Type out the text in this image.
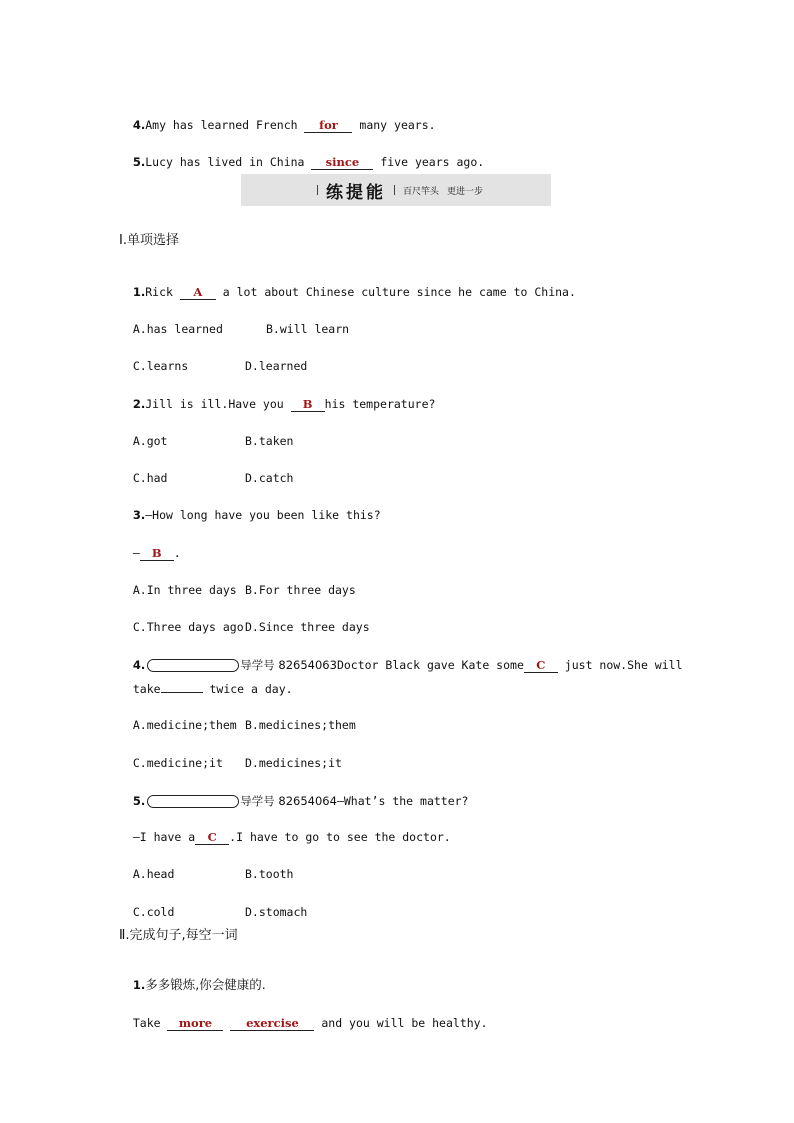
4.Amy has learned French for many years.

5.Lucy has lived in China since five years ago.

练提能 百尺竿头 更进一步
Ⅰ.单项选择

1.Rick A a lot about Chinese culture since he came to China.

A.has learned	B.will learn

C.learns	D.learned

2.Jill is ill.Have you B his temperature?

A.got	B.taken

C.had	D.catch

3.—How long have you been like this?

— B .

A.In three days B.For three days

C.Three days ago D.Since three days

4.	导学号 82654063Doctor Black gave Kate some C just now.She will

take	twice a day.

A.medicine;them B.medicines;them

C.medicine;it D.medicines;it

5.	导学号 82654064—What’s the matter?

—I have a C .I have to go to see the doctor.

A.head	B.tooth

C.cold	D.stomach

Ⅱ.完成句子,每空一词

1.多多锻炼,你会健康的.

Take more	exercise and you will be healthy.
